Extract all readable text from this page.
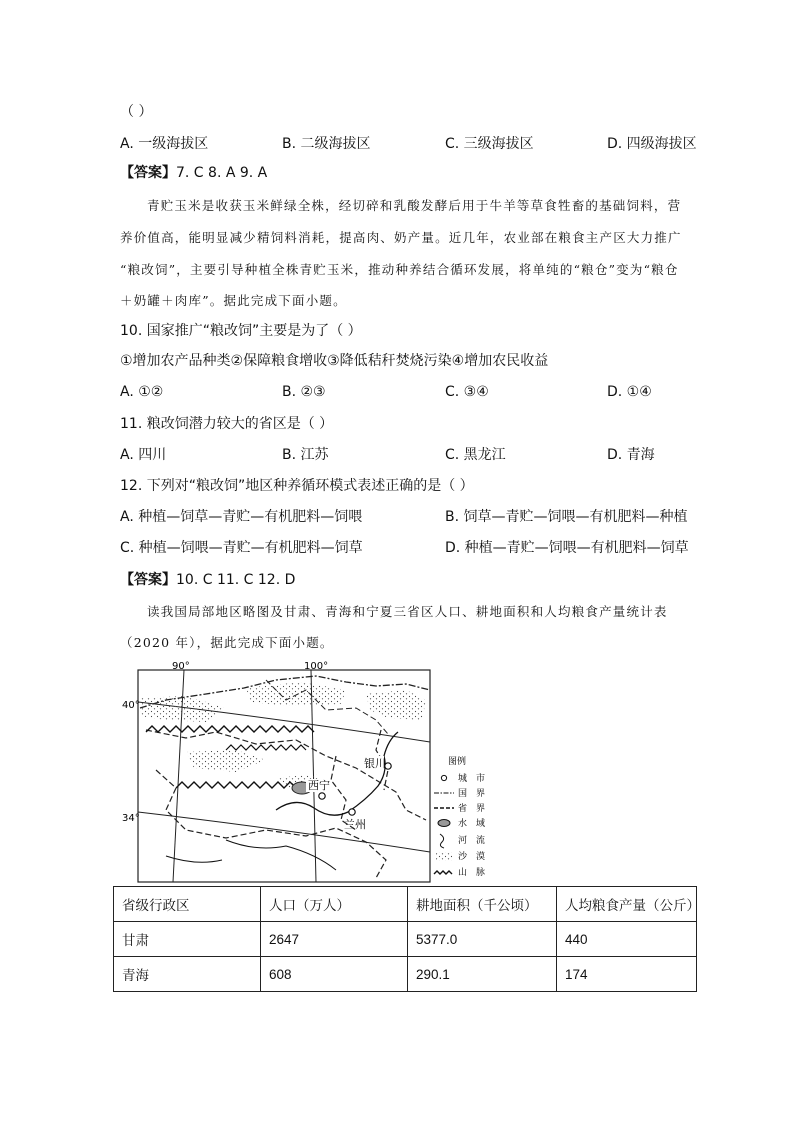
（ ）
A. 一级海拔区	B. 二级海拔区	C. 三级海拔区	D. 四级海拔区
【答案】7. C 8. A 9. A
青贮玉米是收获玉米鲜绿全株，经切碎和乳酸发酵后用于牛羊等草食牲畜的基础饲料，营
养价值高，能明显减少精饲料消耗，提高肉、奶产量。近几年，农业部在粮食主产区大力推广
“粮改饲”，主要引导种植全株青贮玉米，推动种养结合循环发展，将单纯的“粮仓”变为“粮仓
＋奶罐＋肉库”。据此完成下面小题。
10. 国家推广“粮改饲”主要是为了（ ）
①增加农产品种类②保障粮食增收③降低秸秆焚烧污染④增加农民收益
A. ①②	B. ②③	C. ③④	D. ①④
11. 粮改饲潜力较大的省区是（ ）
A. 四川	B. 江苏	C. 黑龙江	D. 青海
12. 下列对“粮改饲”地区种养循环模式表述正确的是（ ）
A. 种植—饲草—青贮—有机肥料—饲喂	B. 饲草—青贮—饲喂—有机肥料—种植
C. 种植—饲喂—青贮—有机肥料—饲草	D. 种植—青贮—饲喂—有机肥料—饲草
【答案】10. C 11. C 12. D
读我国局部地区略图及甘肃、青海和宁夏三省区人口、耕地面积和人均粮食产量统计表
（2020 年），据此完成下面小题。
银川
西宁
兰州
90°	100°
40°
34°
图例
城　市
国　界
省　界
水　域
河　流
沙　漠
山　脉
省级行政区	人口（万人）	耕地面积（千公顷）	人均粮食产量（公斤）
甘肃	2647	5377.0	440
青海	608	290.1	174
